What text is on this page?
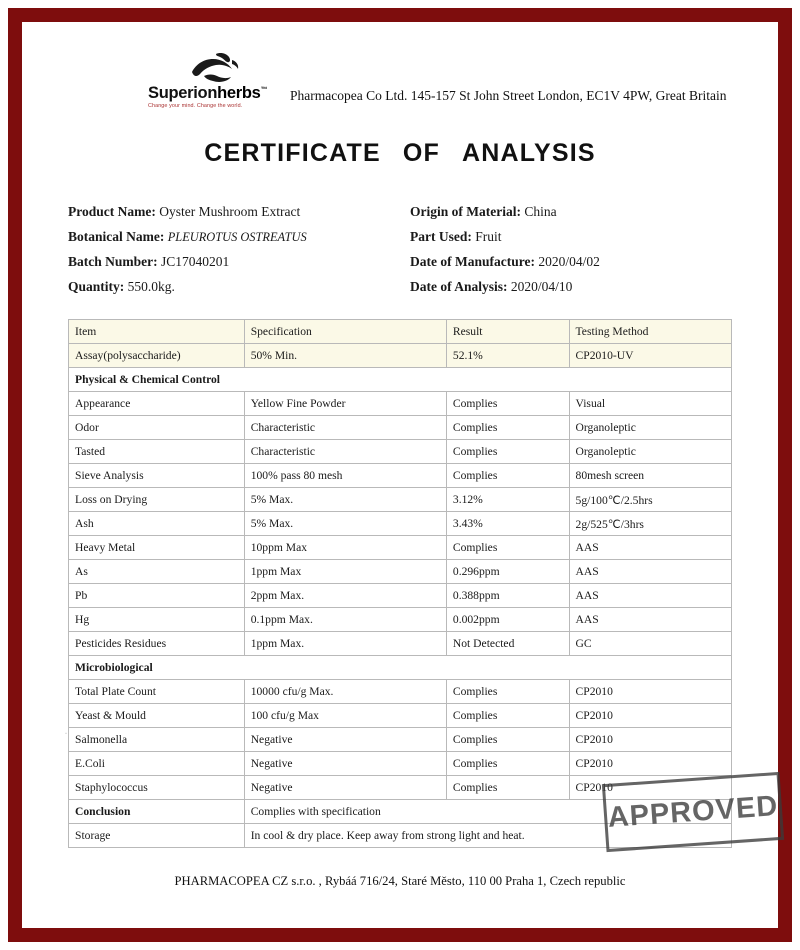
Superionherbs™
Change your mind. Change the world.
Pharmacopea Co Ltd. 145-157 St John Street London, EC1V 4PW, Great Britain
CERTIFICATE OF ANALYSIS
Product Name: Oyster Mushroom Extract
Botanical Name: PLEUROTUS OSTREATUS
Batch Number: JC17040201
Quantity: 550.0kg.
Origin of Material: China
Part Used: Fruit
Date of Manufacture: 2020/04/02
Date of Analysis: 2020/04/10
Item	Specification	Result	Testing Method
Assay(polysaccharide)	50% Min.	52.1%	CP2010-UV
Physical & Chemical Control			
Appearance	Yellow Fine Powder	Complies	Visual
Odor	Characteristic	Complies	Organoleptic
Tasted	Characteristic	Complies	Organoleptic
Sieve Analysis	100% pass 80 mesh	Complies	80mesh screen
Loss on Drying	5% Max.	3.12%	5g/100℃/2.5hrs
Ash	5% Max.	3.43%	2g/525℃/3hrs
Heavy Metal	10ppm Max	Complies	AAS
As	1ppm Max	0.296ppm	AAS
Pb	2ppm Max.	0.388ppm	AAS
Hg	0.1ppm Max.	0.002ppm	AAS
Pesticides Residues	1ppm Max.	Not Detected	GC
Microbiological			
Total Plate Count	10000 cfu/g Max.	Complies	CP2010
Yeast & Mould	100 cfu/g Max	Complies	CP2010
Salmonella	Negative	Complies	CP2010
E.Coli	Negative	Complies	CP2010
Staphylococcus	Negative	Complies	CP2010
Conclusion	Complies with specification		
Storage	In cool & dry place. Keep away from strong light and heat.		
PHARMACOPEA CZ s.r.o. , Rybáá 716/24, Staré Město, 110 00 Praha 1, Czech republic
·
APPROVED
